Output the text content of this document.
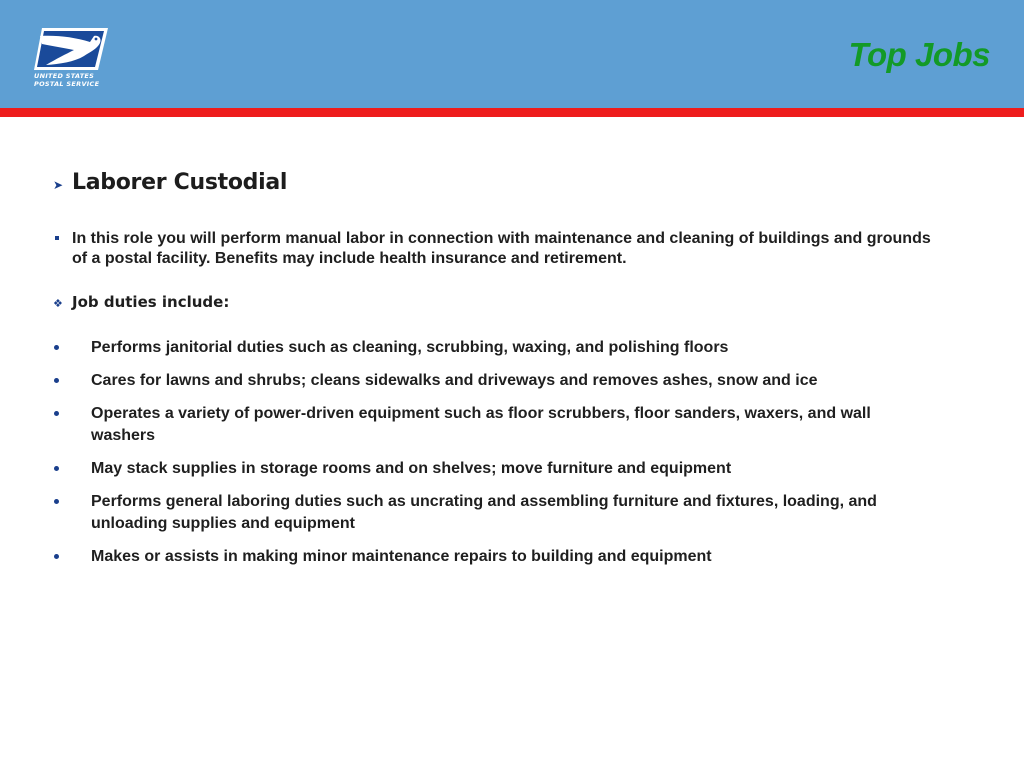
UNITED STATES
POSTAL SERVICE
Top Jobs
➤ Laborer Custodial
In this role you will perform manual labor in connection with maintenance and cleaning of buildings and grounds of a postal facility. Benefits may include health insurance and retirement.
❖ Job duties include:
Performs janitorial duties such as cleaning, scrubbing, waxing, and polishing floors
Cares for lawns and shrubs; cleans sidewalks and driveways and removes ashes, snow and ice
Operates a variety of power-driven equipment such as floor scrubbers, floor sanders, waxers, and wall washers
May stack supplies in storage rooms and on shelves; move furniture and equipment
Performs general laboring duties such as uncrating and assembling furniture and fixtures, loading, and unloading supplies and equipment
Makes or assists in making minor maintenance repairs to building and equipment
